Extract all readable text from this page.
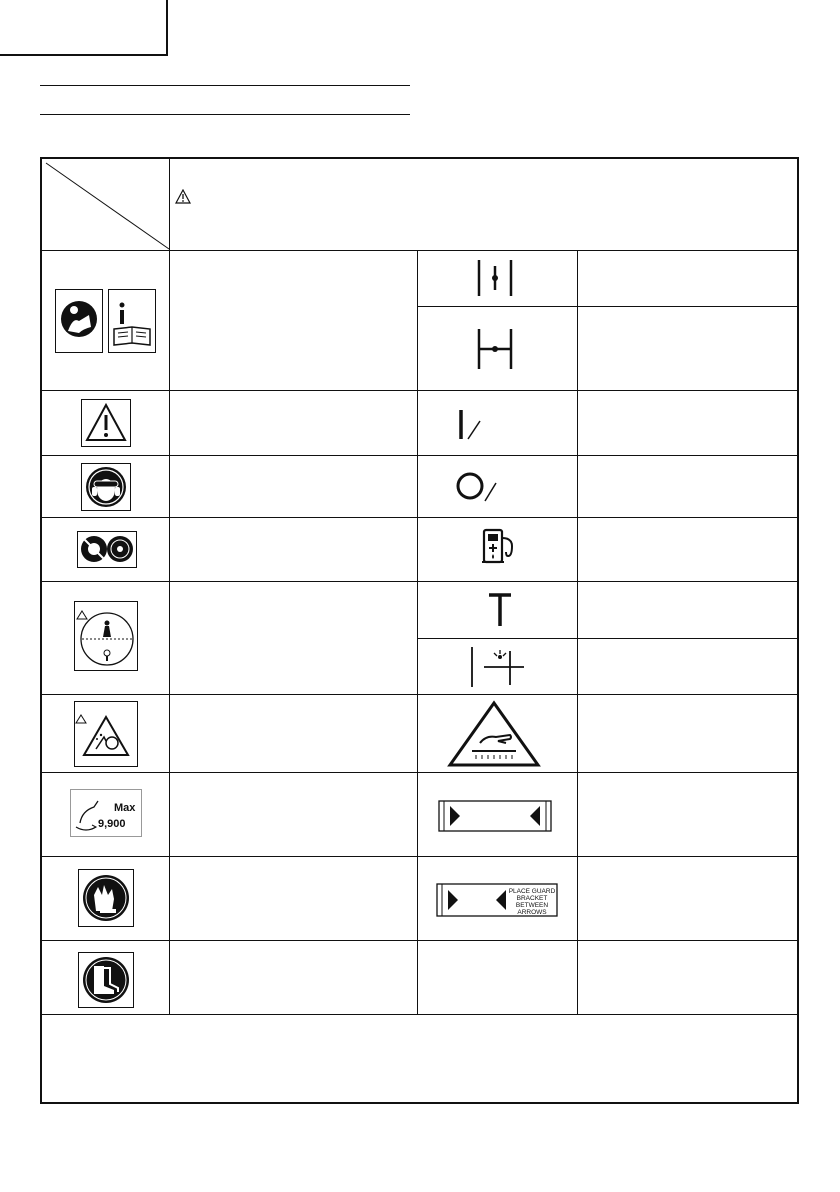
Max
9,900
PLACE GUARD
BRACKET
BETWEEN
ARROWS
